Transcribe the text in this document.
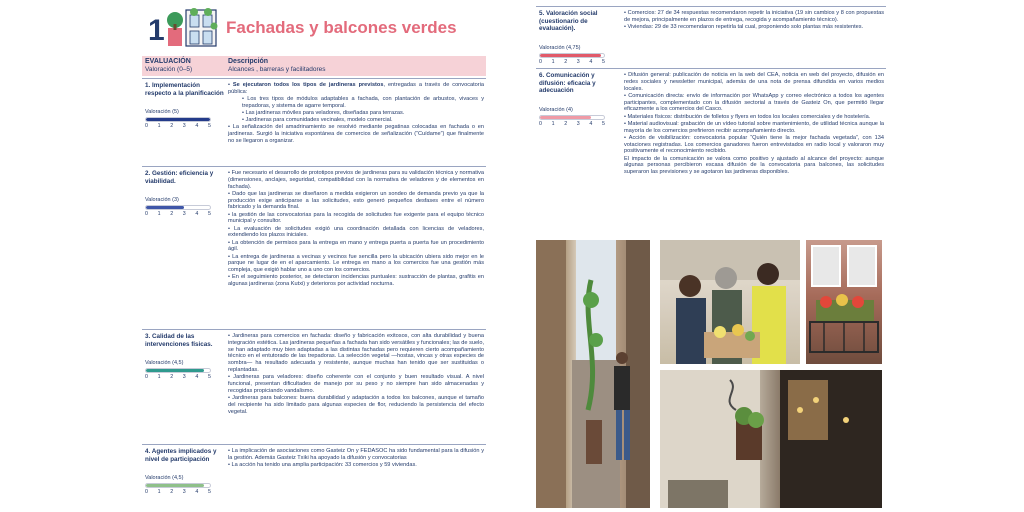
1	Fachadas y balcones verdes
EVALUACIÓN
Valoración (0–5)
Descripción
Alcances , barreras y facilitadores
1. Implementación respecto a la planificación
Valoración (5)
0 1 2 3 4 5

• Se ejecutaron todos los tipos de jardineras previstos, entregadas a través de convocatoria pública:

• Los tres tipos de módulos adaptables a fachada, con plantación de arbustos, vivaces y trepadoras, y sistema de agarre temporal.

• Las jardineras móviles para veladores, diseñadas para terrazas.

• Jardineras para comunidades vecinales, modelo comercial.

• La señalización del amadrinamiento se resolvió mediante pegatinas colocadas en fachada o en jardineras. Surgió la iniciativa espontánea de comercios de señalización (“Cuídame”) que finalmente no se llegaron a organizar.

2. Gestión: eficiencia y viabilidad.
Valoración (3)
0 1 2 3 4 5

• Fue necesario el desarrollo de prototipos previos de jardineras para su validación técnica y normativa (dimensiones, anclajes, seguridad, compatibilidad con la normativa de veladores y de elementos en fachada).

• Dado que las jardineras se diseñaron a medida exigieron un sondeo de demanda previo ya que la producción exige anticiparse a las solicitudes, esto generó pequeños desfases entre el número fabricado y la demanda final.

• la gestión de las convocatorias para la recogida de solicitudes fue exigente para el equipo técnico municipal y consultor.

• La evaluación de solicitudes exigió una coordinación detallada con licencias de veladores, extendiendo los plazos iniciales.

• La obtención de permisos para la entrega en mano y entrega puerta a puerta fue un procedimiento ágil.

• La entrega de jardineras a vecinas y vecinos fue sencilla pero la ubicación ubiera sido mejor en le parque ne lugar de en el aparcamiento. Le entrega en mano a los comercios fue una gestión más compleja, que exigió hablar uno a uno con los comercios.

• En el seguimiento posterior, se detectaron incidencias puntuales: sustracción de plantas, grafitis en algunas jardineras (zona Kutxi) y deterioros por actividad nocturna.

3. Calidad de las intervenciones físicas.
Valoración (4,5)
0 1 2 3 4 5

• Jardineras para comercios en fachada: diseño y fabricación exitosos, con alta durabilidad y buena integración estética. Las jardineras pequeñas a fachada han sido versátiles y funcionales; las de suelo, se han adaptado muy bien adaptadas a las distintas fachadas pero requieren cierto acompañamiento técnico en el entutorado de las trepadoras. La selección vegetal —hostas, vincas y otras especies de sombra— ha resultado adecuada y resistente, aunque muchas han tenido que ser sustituidas o replantadas.

• Jardineras para veladores: diseño coherente con el conjunto y buen resultado visual. A nivel funcional, presentan dificultades de manejo por su peso y no siempre han sido almacenadas y recogidas propiciando vandalismo.

• Jardineras para balcones: buena durabilidad y adaptación a todos los balcones, aunque el tamaño del recipiente ha sido limitado para algunas especies de flor, reduciendo la persistencia del efecto vegetal.

4. Agentes implicados y nivel de participación
Valoración (4,5)
0 1 2 3 4 5

• La implicación de asociaciones como Gasteiz On y FEDASOC ha sido fundamental para la difusión y la gestión. Además Gasteiz Txiki ha apoyado la difusión y convocatorias

• La acción ha tenido una amplia participación: 33 comercios y 59 viviendas.

5. Valoración social (cuestionario de evaluación).
Valoración (4,75)
0 1 2 3 4 5

• Comercios: 27 de 34 respuestas recomendaron repetir la iniciativa (19 sin cambios y 8 con propuestas de mejora, principalmente en plazos de entrega, recogida y acompañamiento técnico).

• Viviendas: 29 de 33 recomendaron repetirla tal cual, proponiendo solo plantas más resistentes.

6. Comunicación y difusión: eficacia y adecuación
Valoración (4)
0 1 2 3 4 5

• Difusión general: publicación de noticia en la web del CEA, noticia en web del proyecto, difusión en redes sociales y newsletter municipal, además de una nota de prensa difundida en varios medios locales.

• Comunicación directa: envío de información por WhatsApp y correo electrónico a todos los agentes participantes, complementado con la difusión sectorial a través de Gasteiz On, que permitió llegar eficazmente a los comercios del Casco.

• Materiales físicos: distribución de folletos y flyers en todos los locales comerciales y de hostelería.

• Material audiovisual: grabación de un vídeo tutorial sobre mantenimiento, de utilidad técnica aunque la mayoría de los comercios prefirieron recibir acompañamiento directo.

• Acción de visibilización: convocatoria popular “Quién tiene la mejor fachada vegetada”, con 134 votaciones registradas. Los comercios ganadores fueron entrevistados en radio local y valoraron muy positivamente el reconocimiento recibido.

El impacto de la comunicación se valora como positivo y ajustado al alcance del proyecto: aunque algunas personas percibieron escasa difusión de la convocatoria para balcones, las solicitudes superaron las previsiones y se agotaron las jardineras disponibles.
